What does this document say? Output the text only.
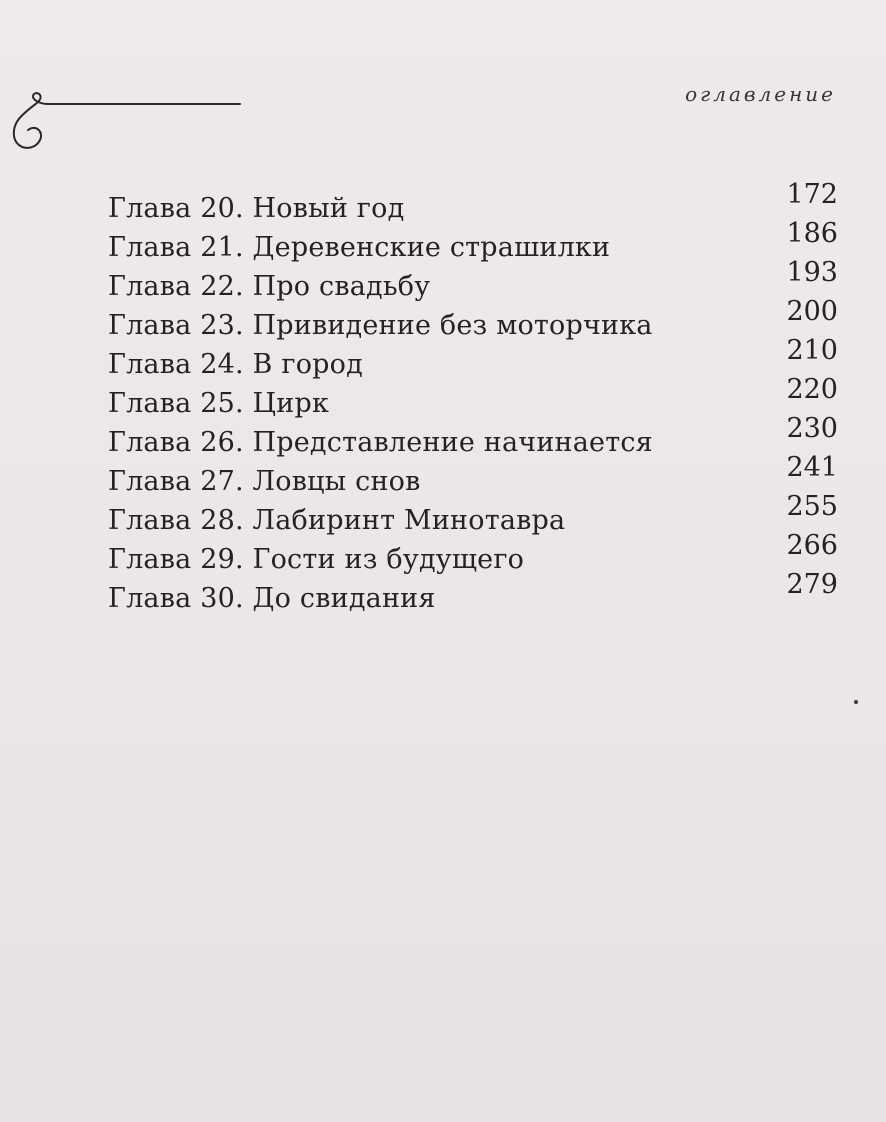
оглавление
Глава 20. Новый год	172
Глава 21. Деревенские страшилки	186
Глава 22. Про свадьбу	193
Глава 23. Привидение без моторчика	200
Глава 24. В город	210
Глава 25. Цирк	220
Глава 26. Представление начинается	230
Глава 27. Ловцы снов	241
Глава 28. Лабиринт Минотавра	255
Глава 29. Гости из будущего	266
Глава 30. До свидания	279
